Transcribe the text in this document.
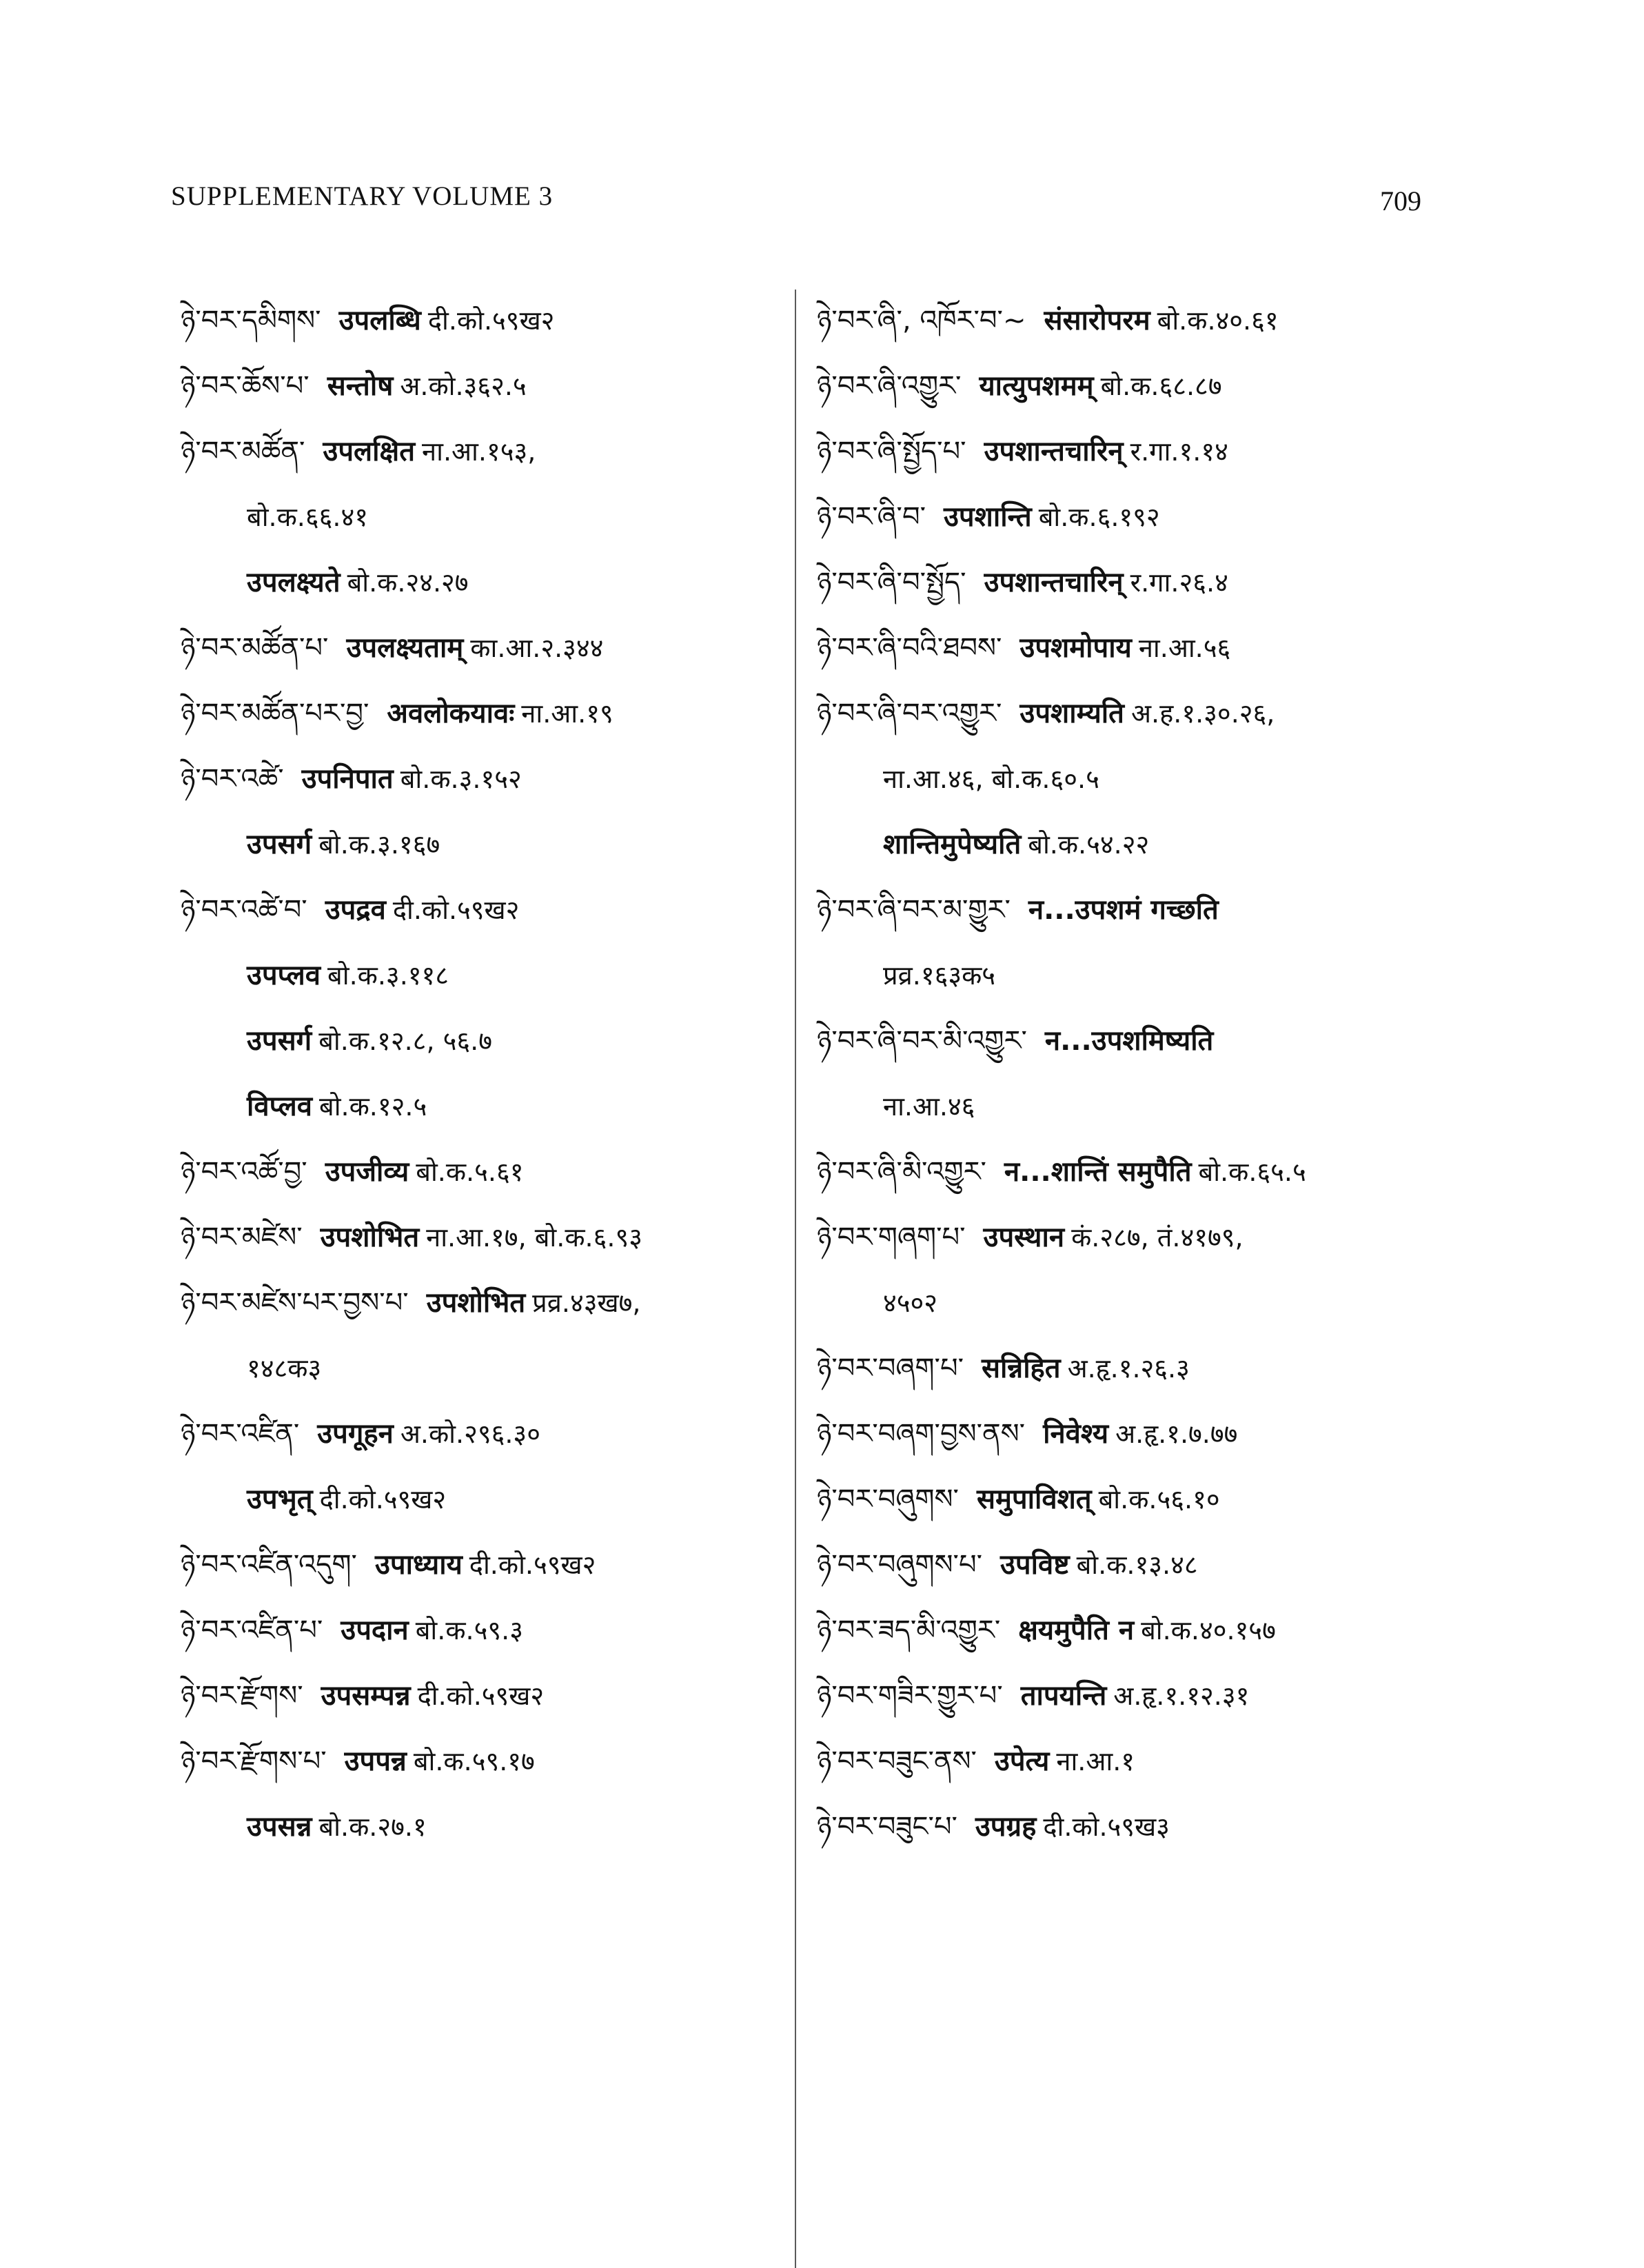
SUPPLEMENTARY VOLUME 3	709
ཉེ་བར་དམིགས་ उपलब्धि दी.को.५९ख२
ཉེ་བར་ཆོས་པ་ सन्तोष अ.को.३६२.५
ཉེ་བར་མཚོན་ उपलक्षित ना.आ.१५३,
बो.क.६६.४१
उपलक्ष्यते बो.क.२४.२७
ཉེ་བར་མཚོན་པ་ उपलक्ष्यताम् का.आ.२.३४४
ཉེ་བར་མཚོན་པར་བྱ་ अवलोकयावः ना.आ.१९
ཉེ་བར་འཚེ་ उपनिपात बो.क.३.१५२
उपसर्ग बो.क.३.१६७
ཉེ་བར་འཚེ་བ་ उपद्रव दी.को.५९ख२
उपप्लव बो.क.३.११८
उपसर्ग बो.क.१२.८, ५६.७
विप्लव बो.क.१२.५
ཉེ་བར་འཚོ་བྱ་ उपजीव्य बो.क.५.६१
ཉེ་བར་མཛེས་ उपशोभित ना.आ.१७, बो.क.६.९३
ཉེ་བར་མཛེས་པར་བྱས་པ་ उपशोभित प्रव्र.४३ख७,
१४८क३
ཉེ་བར་འཛིན་ उपगूहन अ.को.२९६.३०
उपभृत् दी.को.५९ख२
ཉེ་བར་འཛིན་འདུག་ उपाध्याय दी.को.५९ख२
ཉེ་བར་འཛིན་པ་ उपदान बो.क.५९.३
ཉེ་བར་རྫོགས་ उपसम्पन्न दी.को.५९ख२
ཉེ་བར་རྫོགས་པ་ उपपन्न बो.क.५९.१७
उपसन्न बो.क.२७.१
ཉེ་བར་ཞི་, འཁོར་བ་~ संसारोपरम बो.क.४०.६१
ཉེ་བར་ཞི་འགྱུར་ यात्युपशमम् बो.क.६८.८७
ཉེ་བར་ཞི་སྤྱོད་པ་ उपशान्तचारिन् र.गा.१.१४
ཉེ་བར་ཞི་བ་ उपशान्ति बो.क.६.१९२
ཉེ་བར་ཞི་བ་སྤྱོད་ उपशान्तचारिन् र.गा.२६.४
ཉེ་བར་ཞི་བའི་ཐབས་ उपशमोपाय ना.आ.५६
ཉེ་བར་ཞི་བར་འགྱུར་ उपशाम्यति अ.ह.१.३०.२६,
ना.आ.४६, बो.क.६०.५
शान्तिमुपेष्यति बो.क.५४.२२
ཉེ་བར་ཞི་བར་མ་གྱུར་ न...उपशमं गच्छति
प्रव्र.१६३क५
ཉེ་བར་ཞི་བར་མི་འགྱུར་ न...उपशमिष्यति
ना.आ.४६
ཉེ་བར་ཞི་མི་འགྱུར་ न...शान्तिं समुपैति बो.क.६५.५
ཉེ་བར་གཞག་པ་ उपस्थान कं.२८७, तं.४१७९,
४५०२
ཉེ་བར་བཞག་པ་ सन्निहित अ.हृ.१.२६.३
ཉེ་བར་བཞག་བྱས་ནས་ निवेश्य अ.हृ.१.७.७७
ཉེ་བར་བཞུགས་ समुपाविशत् बो.क.५६.१०
ཉེ་བར་བཞུགས་པ་ उपविष्ट बो.क.१३.४८
ཉེ་བར་ཟད་མི་འགྱུར་ क्षयमुपैति न बो.क.४०.१५७
ཉེ་བར་གཟིར་གྱུར་པ་ तापयन्ति अ.हृ.१.१२.३१
ཉེ་བར་བཟུང་ནས་ उपेत्य ना.आ.१
ཉེ་བར་བཟུང་པ་ उपग्रह दी.को.५९ख३
